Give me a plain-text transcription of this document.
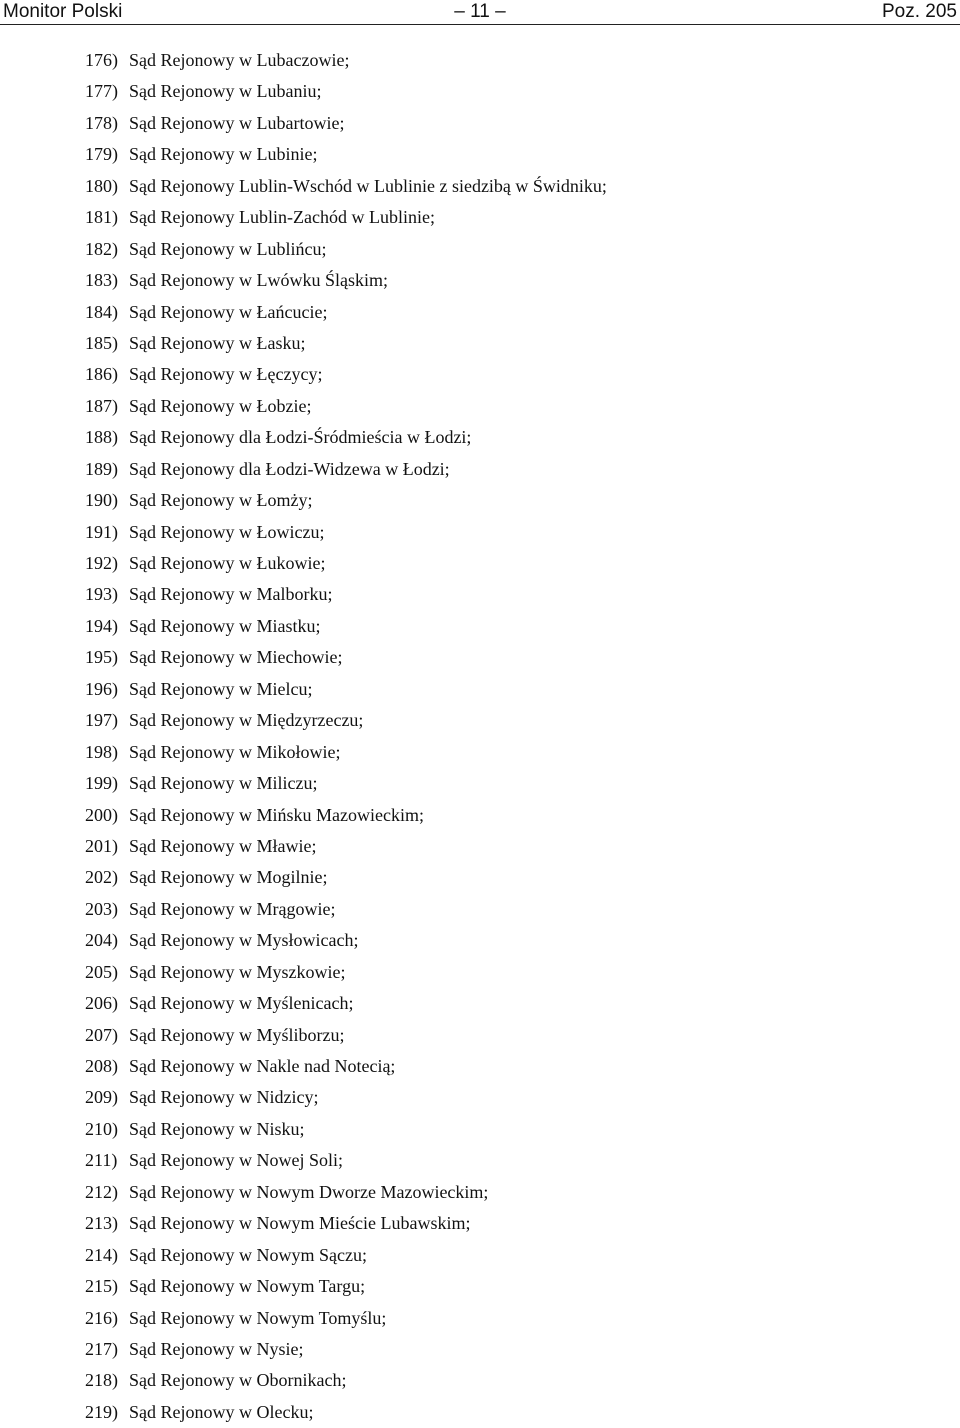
Monitor Polski	– 11 –	Poz. 205
176) Sąd Rejonowy w Lubaczowie;
177) Sąd Rejonowy w Lubaniu;
178) Sąd Rejonowy w Lubartowie;
179) Sąd Rejonowy w Lubinie;
180) Sąd Rejonowy Lublin-Wschód w Lublinie z siedzibą w Świdniku;
181) Sąd Rejonowy Lublin-Zachód w Lublinie;
182) Sąd Rejonowy w Lublińcu;
183) Sąd Rejonowy w Lwówku Śląskim;
184) Sąd Rejonowy w Łańcucie;
185) Sąd Rejonowy w Łasku;
186) Sąd Rejonowy w Łęczycy;
187) Sąd Rejonowy w Łobzie;
188) Sąd Rejonowy dla Łodzi-Śródmieścia w Łodzi;
189) Sąd Rejonowy dla Łodzi-Widzewa w Łodzi;
190) Sąd Rejonowy w Łomży;
191) Sąd Rejonowy w Łowiczu;
192) Sąd Rejonowy w Łukowie;
193) Sąd Rejonowy w Malborku;
194) Sąd Rejonowy w Miastku;
195) Sąd Rejonowy w Miechowie;
196) Sąd Rejonowy w Mielcu;
197) Sąd Rejonowy w Międzyrzeczu;
198) Sąd Rejonowy w Mikołowie;
199) Sąd Rejonowy w Miliczu;
200) Sąd Rejonowy w Mińsku Mazowieckim;
201) Sąd Rejonowy w Mławie;
202) Sąd Rejonowy w Mogilnie;
203) Sąd Rejonowy w Mrągowie;
204) Sąd Rejonowy w Mysłowicach;
205) Sąd Rejonowy w Myszkowie;
206) Sąd Rejonowy w Myślenicach;
207) Sąd Rejonowy w Myśliborzu;
208) Sąd Rejonowy w Nakle nad Notecią;
209) Sąd Rejonowy w Nidzicy;
210) Sąd Rejonowy w Nisku;
211) Sąd Rejonowy w Nowej Soli;
212) Sąd Rejonowy w Nowym Dworze Mazowieckim;
213) Sąd Rejonowy w Nowym Mieście Lubawskim;
214) Sąd Rejonowy w Nowym Sączu;
215) Sąd Rejonowy w Nowym Targu;
216) Sąd Rejonowy w Nowym Tomyślu;
217) Sąd Rejonowy w Nysie;
218) Sąd Rejonowy w Obornikach;
219) Sąd Rejonowy w Olecku;
